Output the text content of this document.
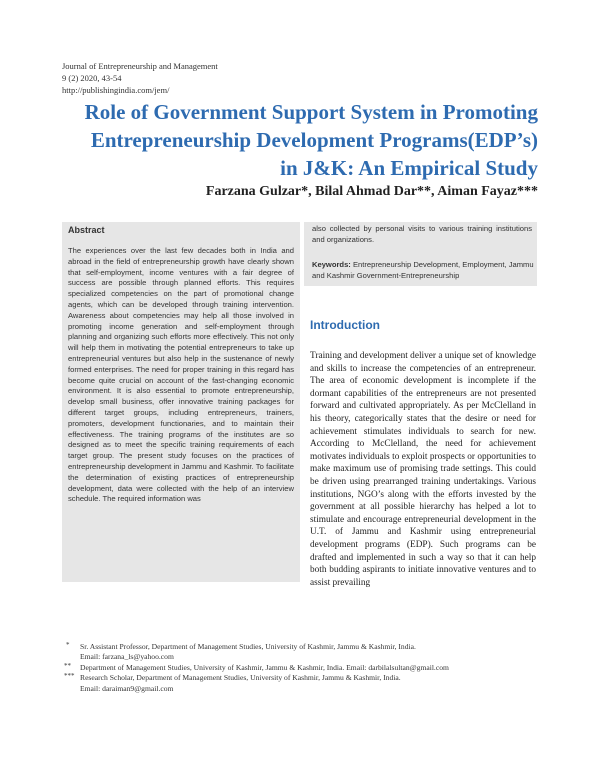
Journal of Entrepreneurship and Management
9 (2) 2020, 43-54
http://publishingindia.com/jem/
Role of Government Support System in Promoting
Entrepreneurship Development Programs(EDP’s)
in J&K: An Empirical Study
Farzana Gulzar*, Bilal Ahmad Dar**, Aiman Fayaz***
Abstract

The experiences over the last few decades both in India and abroad in the field of entrepreneurship growth have clearly shown that self-employment, income ventures with a fair degree of success are possible through planned efforts. This requires specialized competencies on the part of promotional change agents, which can be developed through training intervention. Awareness about competencies may help all those involved in promoting income generation and self-employment through planning and organizing such efforts more effectively. This not only will help them in motivating the potential entrepreneurs to take up entrepreneurial ventures but also help in the sustenance of newly formed enterprises. The need for proper training in this regard has become quite crucial on account of the fast-changing economic environment. It is also essential to promote entrepreneurship, develop small business, offer innovative training packages for different target groups, including entrepreneurs, trainers, promoters, development functionaries, and to maintain their effectiveness. The training programs of the institutes are so designed as to meet the specific training requirements of each target group. The present study focuses on the practices of entrepreneurship development in Jammu and Kashmir. To facilitate the determination of existing practices of entrepreneurship development, data were collected with the help of an interview schedule. The required information was

also collected by personal visits to various training institutions and organizations.

Keywords: Entrepreneurship Development, Employment, Jammu and Kashmir Government-Entrepreneurship
Introduction

Training and development deliver a unique set of knowledge and skills to increase the competencies of an entrepreneur. The area of economic development is incomplete if the dormant capabilities of the entrepreneurs are not presented forward and cultivated appropriately. As per McClelland in his theory, categorically states that the desire or need for achievement stimulates individuals to search for new. According to McClelland, the need for achievement motivates individuals to exploit prospects or opportunities to make maximum use of promising trade settings. This could be driven using prearranged training undertakings. Various institutions, NGO’s along with the efforts invested by the government at all possible hierarchy has helped a lot to stimulate and encourage entrepreneurial development in the U.T. of Jammu and Kashmir using entrepreneurial development programs (EDP). Such programs can be drafted and implemented in such a way so that it can help both budding aspirants to initiate innovative ventures and to assist prevailing

* Sr. Assistant Professor, Department of Management Studies, University of Kashmir, Jammu & Kashmir, India.
Email: farzana_ls@yahoo.com
** Department of Management Studies, University of Kashmir, Jammu & Kashmir, India. Email: darbilalsultan@gmail.com
*** Research Scholar, Department of Management Studies, University of Kashmir, Jammu & Kashmir, India.
Email: daraiman9@gmail.com
